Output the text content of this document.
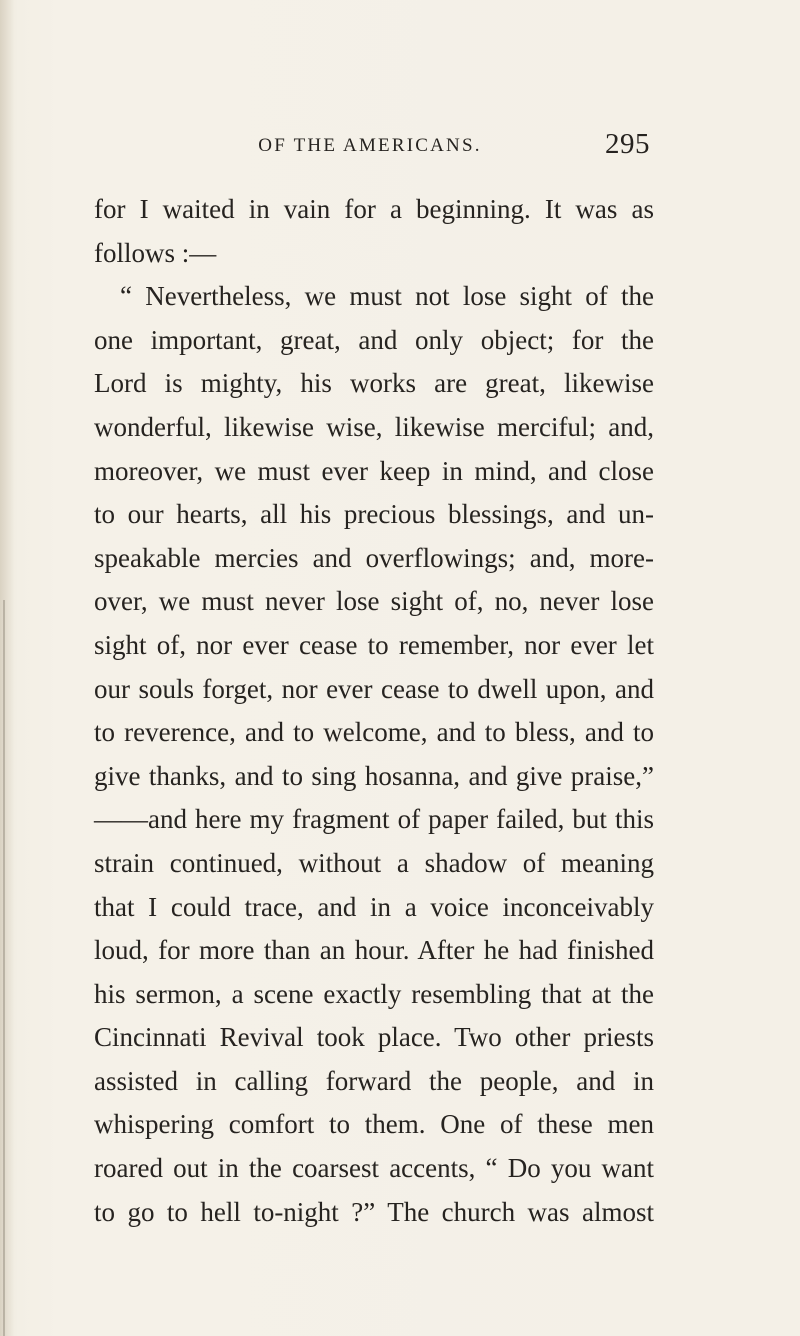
OF THE AMERICANS.	295
for I waited in vain for a beginning. It was as
follows :—
“ Nevertheless, we must not lose sight of the
one important, great, and only object; for the
Lord is mighty, his works are great, likewise
wonderful, likewise wise, likewise merciful; and,
moreover, we must ever keep in mind, and close
to our hearts, all his precious blessings, and un-
speakable mercies and overflowings; and, more-
over, we must never lose sight of, no, never lose
sight of, nor ever cease to remember, nor ever let
our souls forget, nor ever cease to dwell upon, and
to reverence, and to welcome, and to bless, and to
give thanks, and to sing hosanna, and give praise,”
——and here my fragment of paper failed, but this
strain continued, without a shadow of meaning
that I could trace, and in a voice inconceivably
loud, for more than an hour. After he had finished
his sermon, a scene exactly resembling that at the
Cincinnati Revival took place. Two other priests
assisted in calling forward the people, and in
whispering comfort to them. One of these men
roared out in the coarsest accents, “ Do you want
to go to hell to-night ?” The church was almost
